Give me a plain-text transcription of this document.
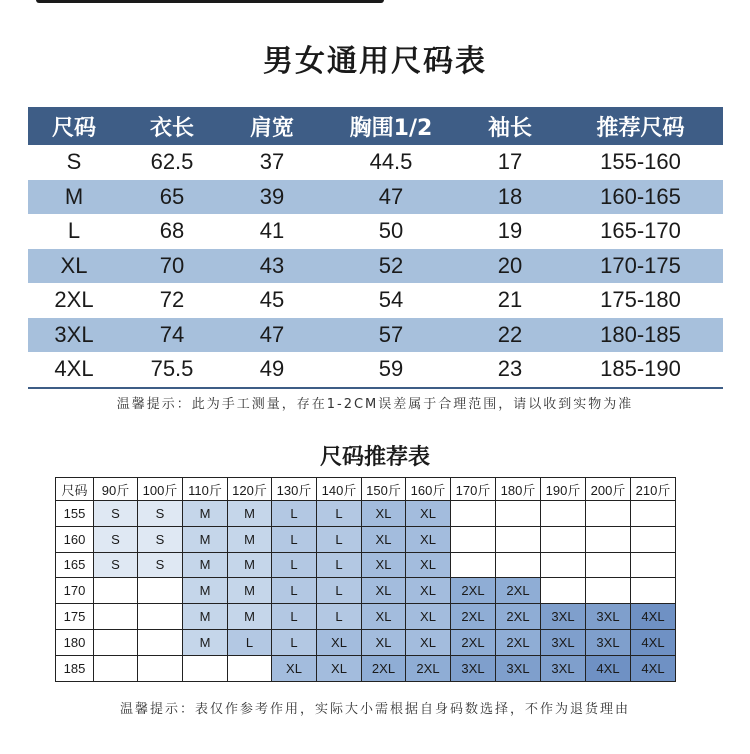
男女通用尺码表
尺码	衣长	肩宽	胸围1/2	袖长	推荐尺码
S	62.5	37	44.5	17	155-160
M	65	39	47	18	160-165
L	68	41	50	19	165-170
XL	70	43	52	20	170-175
2XL	72	45	54	21	175-180
3XL	74	47	57	22	180-185
4XL	75.5	49	59	23	185-190
温馨提示：此为手工测量，存在1-2CM误差属于合理范围，请以收到实物为准
尺码推荐表
尺码	90斤	100斤	110斤	120斤	130斤	140斤	150斤	160斤	170斤	180斤	190斤	200斤	210斤
155	S	S	M	M	L	L	XL	XL					
160	S	S	M	M	L	L	XL	XL					
165	S	S	M	M	L	L	XL	XL					
170			M	M	L	L	XL	XL	2XL	2XL			
175			M	M	L	L	XL	XL	2XL	2XL	3XL	3XL	4XL
180			M	L	L	XL	XL	XL	2XL	2XL	3XL	3XL	4XL
185					XL	XL	2XL	2XL	3XL	3XL	3XL	4XL	4XL
温馨提示：表仅作参考作用，实际大小需根据自身码数选择，不作为退货理由
